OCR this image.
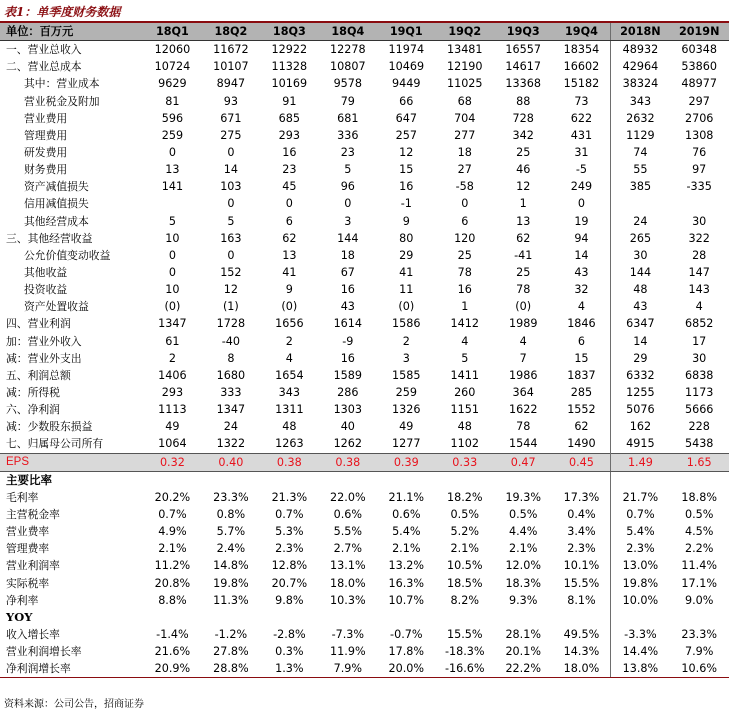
表1：单季度财务数据
单位：百万元	18Q1	18Q2	18Q3	18Q4	19Q1	19Q2	19Q3	19Q4	2018N	2019N
一、营业总收入	12060	11672	12922	12278	11974	13481	16557	18354	48932	60348
二、营业总成本	10724	10107	11328	10807	10469	12190	14617	16602	42964	53860
其中：营业成本	9629	8947	10169	9578	9449	11025	13368	15182	38324	48977
营业税金及附加	81	93	91	79	66	68	88	73	343	297
营业费用	596	671	685	681	647	704	728	622	2632	2706
管理费用	259	275	293	336	257	277	342	431	1129	1308
研发费用	0	0	16	23	12	18	25	31	74	76
财务费用	13	14	23	5	15	27	46	-5	55	97
资产减值损失	141	103	45	96	16	-58	12	249	385	-335
信用减值损失		0	0	0	-1	0	1	0		
其他经营成本	5	5	6	3	9	6	13	19	24	30
三、其他经营收益	10	163	62	144	80	120	62	94	265	322
公允价值变动收益	0	0	13	18	29	25	-41	14	30	28
其他收益	0	152	41	67	41	78	25	43	144	147
投资收益	10	12	9	16	11	16	78	32	48	143
资产处置收益	(0)	(1)	(0)	43	(0)	1	(0)	4	43	4
四、营业利润	1347	1728	1656	1614	1586	1412	1989	1846	6347	6852
加：营业外收入	61	-40	2	-9	2	4	4	6	14	17
减：营业外支出	2	8	4	16	3	5	7	15	29	30
五、利润总额	1406	1680	1654	1589	1585	1411	1986	1837	6332	6838
减：所得税	293	333	343	286	259	260	364	285	1255	1173
六、净利润	1113	1347	1311	1303	1326	1151	1622	1552	5076	5666
减：少数股东损益	49	24	48	40	49	48	78	62	162	228
七、归属母公司所有	1064	1322	1263	1262	1277	1102	1544	1490	4915	5438
EPS	0.32	0.40	0.38	0.38	0.39	0.33	0.47	0.45	1.49	1.65
主要比率										
毛利率	20.2%	23.3%	21.3%	22.0%	21.1%	18.2%	19.3%	17.3%	21.7%	18.8%
主营税金率	0.7%	0.8%	0.7%	0.6%	0.6%	0.5%	0.5%	0.4%	0.7%	0.5%
营业费率	4.9%	5.7%	5.3%	5.5%	5.4%	5.2%	4.4%	3.4%	5.4%	4.5%
管理费率	2.1%	2.4%	2.3%	2.7%	2.1%	2.1%	2.1%	2.3%	2.3%	2.2%
营业利润率	11.2%	14.8%	12.8%	13.1%	13.2%	10.5%	12.0%	10.1%	13.0%	11.4%
实际税率	20.8%	19.8%	20.7%	18.0%	16.3%	18.5%	18.3%	15.5%	19.8%	17.1%
净利率	8.8%	11.3%	9.8%	10.3%	10.7%	8.2%	9.3%	8.1%	10.0%	9.0%
YOY										
收入增长率	-1.4%	-1.2%	-2.8%	-7.3%	-0.7%	15.5%	28.1%	49.5%	-3.3%	23.3%
营业利润增长率	21.6%	27.8%	0.3%	11.9%	17.8%	-18.3%	20.1%	14.3%	14.4%	7.9%
净利润增长率	20.9%	28.8%	1.3%	7.9%	20.0%	-16.6%	22.2%	18.0%	13.8%	10.6%
资料来源：公司公告，招商证券
